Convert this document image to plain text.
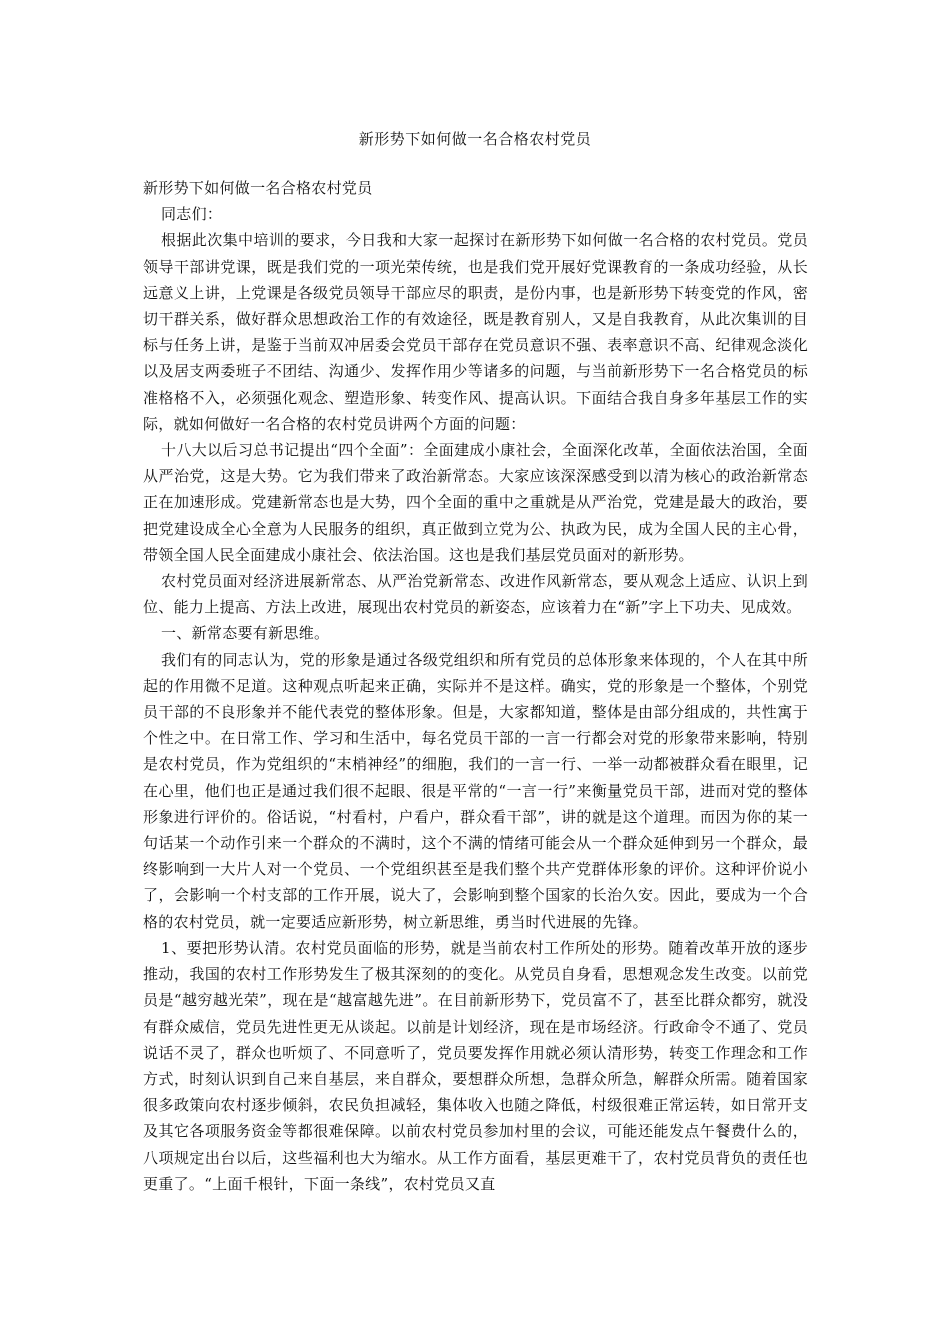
新形势下如何做一名合格农村党员

新形势下如何做一名合格农村党员

同志们：

根据此次集中培训的要求，今日我和大家一起探讨在新形势下如何做一名合格的农村党员。党员领导干部讲党课，既是我们党的一项光荣传统，也是我们党开展好党课教育的一条成功经验，从长远意义上讲，上党课是各级党员领导干部应尽的职责，是份内事，也是新形势下转变党的作风，密切干群关系，做好群众思想政治工作的有效途径，既是教育别人，又是自我教育，从此次集训的目标与任务上讲，是鉴于当前双冲居委会党员干部存在党员意识不强、表率意识不高、纪律观念淡化以及居支两委班子不团结、沟通少、发挥作用少等诸多的问题，与当前新形势下一名合格党员的标准格格不入，必须强化观念、塑造形象、转变作风、提高认识。下面结合我自身多年基层工作的实际，就如何做好一名合格的农村党员讲两个方面的问题：

十八大以后习总书记提出“四个全面”：全面建成小康社会，全面深化改革，全面依法治国，全面从严治党，这是大势。它为我们带来了政治新常态。大家应该深深感受到以清为核心的政治新常态正在加速形成。党建新常态也是大势，四个全面的重中之重就是从严治党，党建是最大的政治，要把党建设成全心全意为人民服务的组织，真正做到立党为公、执政为民，成为全国人民的主心骨，带领全国人民全面建成小康社会、依法治国。这也是我们基层党员面对的新形势。

农村党员面对经济进展新常态、从严治党新常态、改进作风新常态，要从观念上适应、认识上到位、能力上提高、方法上改进，展现出农村党员的新姿态，应该着力在“新”字上下功夫、见成效。

一、新常态要有新思维。

我们有的同志认为，党的形象是通过各级党组织和所有党员的总体形象来体现的，个人在其中所起的作用微不足道。这种观点听起来正确，实际并不是这样。确实，党的形象是一个整体，个别党员干部的不良形象并不能代表党的整体形象。但是，大家都知道，整体是由部分组成的，共性寓于个性之中。在日常工作、学习和生活中，每名党员干部的一言一行都会对党的形象带来影响，特别是农村党员，作为党组织的“末梢神经”的细胞，我们的一言一行、一举一动都被群众看在眼里，记在心里，他们也正是通过我们很不起眼、很是平常的“一言一行”来衡量党员干部，进而对党的整体形象进行评价的。俗话说，“村看村，户看户，群众看干部”，讲的就是这个道理。而因为你的某一句话某一个动作引来一个群众的不满时，这个不满的情绪可能会从一个群众延伸到另一个群众，最终影响到一大片人对一个党员、一个党组织甚至是我们整个共产党群体形象的评价。这种评价说小了，会影响一个村支部的工作开展，说大了，会影响到整个国家的长治久安。因此，要成为一个合格的农村党员，就一定要适应新形势，树立新思维，勇当时代进展的先锋。

1、要把形势认清。农村党员面临的形势，就是当前农村工作所处的形势。随着改革开放的逐步推动，我国的农村工作形势发生了极其深刻的的变化。从党员自身看，思想观念发生改变。以前党员是“越穷越光荣”，现在是“越富越先进”。在目前新形势下，党员富不了，甚至比群众都穷，就没有群众威信，党员先进性更无从谈起。以前是计划经济，现在是市场经济。行政命令不通了、党员说话不灵了，群众也听烦了、不同意听了，党员要发挥作用就必须认清形势，转变工作理念和工作方式，时刻认识到自己来自基层，来自群众，要想群众所想，急群众所急，解群众所需。随着国家很多政策向农村逐步倾斜，农民负担减轻，集体收入也随之降低，村级很难正常运转，如日常开支及其它各项服务资金等都很难保障。以前农村党员参加村里的会议，可能还能发点午餐费什么的，八项规定出台以后，这些福利也大为缩水。从工作方面看，基层更难干了，农村党员背负的责任也更重了。“上面千根针，下面一条线”，农村党员又直
